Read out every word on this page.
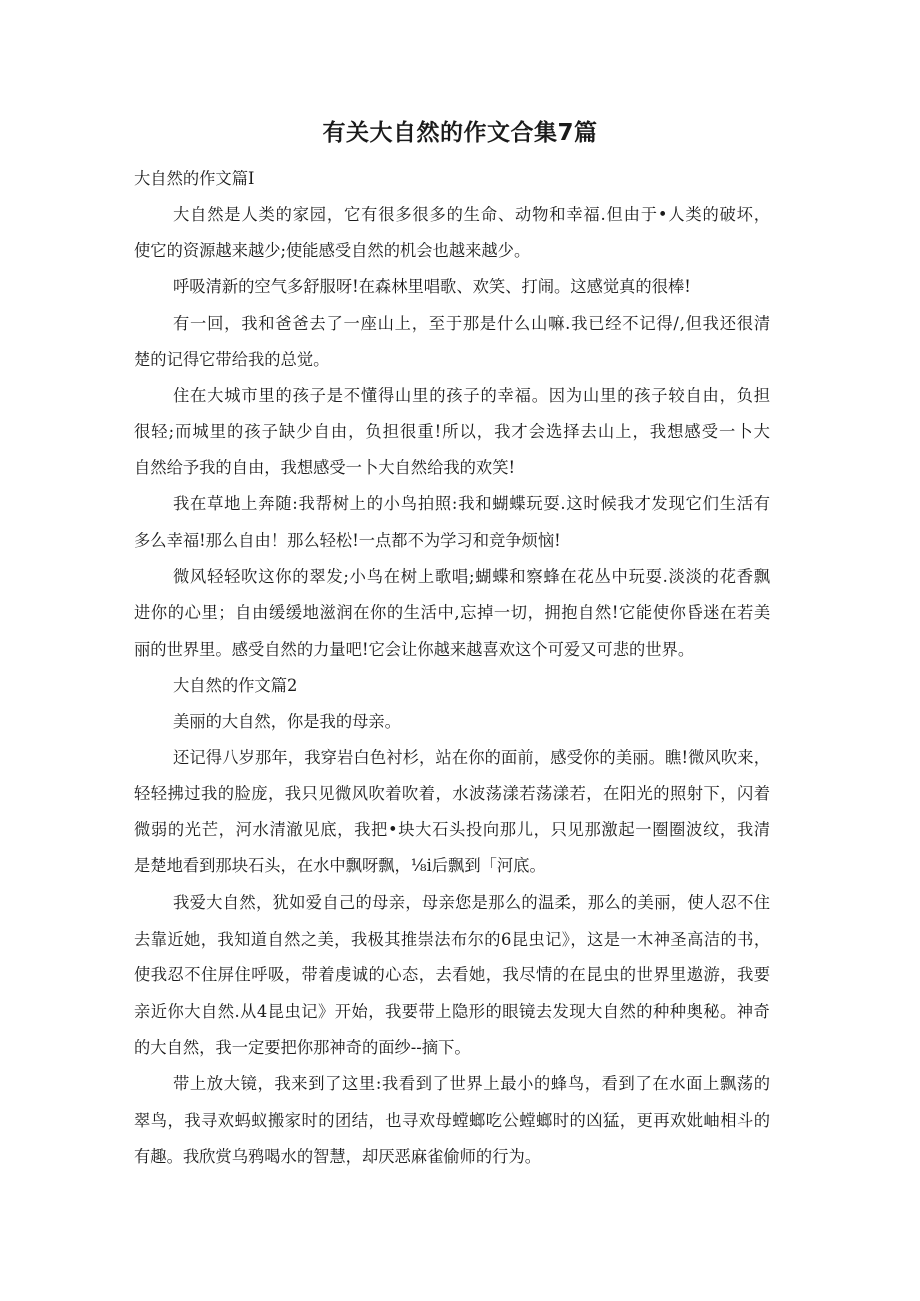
有关大自然的作文合集7篇
大自然的作文篇Ⅰ
大自然是人类的家园，它有很多很多的生命、动物和幸福.但由于•人类的破坏，
使它的资源越来越少;使能感受自然的机会也越来越少。
呼吸清新的空气多舒服呀!在森林里唱歌、欢笑、打闹。这感觉真的很棒!
有一回，我和爸爸去了一座山上，至于那是什么山嘛.我已经不记得/,但我还很清
楚的记得它带给我的总觉。
住在大城市里的孩子是不懂得山里的孩子的幸福。因为山里的孩子较自由，负担
很轻;而城里的孩子缺少自由，负担很重!所以，我才会选择去山上，我想感受一卜大
自然给予我的自由，我想感受一卜大自然给我的欢笑!
我在草地上奔随:我帮树上的小鸟拍照:我和蝴蝶玩耍.这时候我才发现它们生活有
多么幸福!那么自由！那么轻松!一点都不为学习和竞争烦恼!
微风轻轻吹这你的翠发;小鸟在树上歌唱;蝴蝶和察蜂在花丛中玩耍.淡淡的花香飘
进你的心里；自由缓缓地滋润在你的生活中,忘掉一切，拥抱自然!它能使你昏迷在若美
丽的世界里。感受自然的力量吧!它会让你越来越喜欢这个可爱又可悲的世界。
大自然的作文篇2
美丽的大自然，你是我的母亲。
还记得八岁那年，我穿岩白色衬杉，站在你的面前，感受你的美丽。瞧!微风吹来，
轻轻拂过我的脸庞，我只见微风吹着吹着，水波荡漾若荡漾若，在阳光的照射下，闪着
微弱的光芒，河水清澈见底，我把•块大石头投向那儿，只见那激起一圈圈波纹，我清
是楚地看到那块石头，在水中飘呀飘，⅛i后飘到「河底。
我爱大自然，犹如爱自己的母亲，母亲您是那么的温柔，那么的美丽，使人忍不住
去靠近她，我知道自然之美，我极其推崇法布尔的6昆虫记》，这是一木神圣高洁的书，
使我忍不住屏住呼吸，带着虔诚的心态，去看她，我尽情的在昆虫的世界里遨游，我要
亲近你大自然.从4昆虫记》开始，我要带上隐形的眼镜去发现大自然的种种奥秘。神奇
的大自然，我一定要把你那神奇的面纱--摘下。
带上放大镜，我来到了这里:我看到了世界上最小的蜂鸟，看到了在水面上飘荡的
翠鸟，我寻欢蚂蚁搬家时的团结，也寻欢母螳螂吃公螳螂时的凶猛，更再欢妣岫相斗的
有趣。我欣赏乌鸦喝水的智慧，却厌恶麻雀偷师的行为。
